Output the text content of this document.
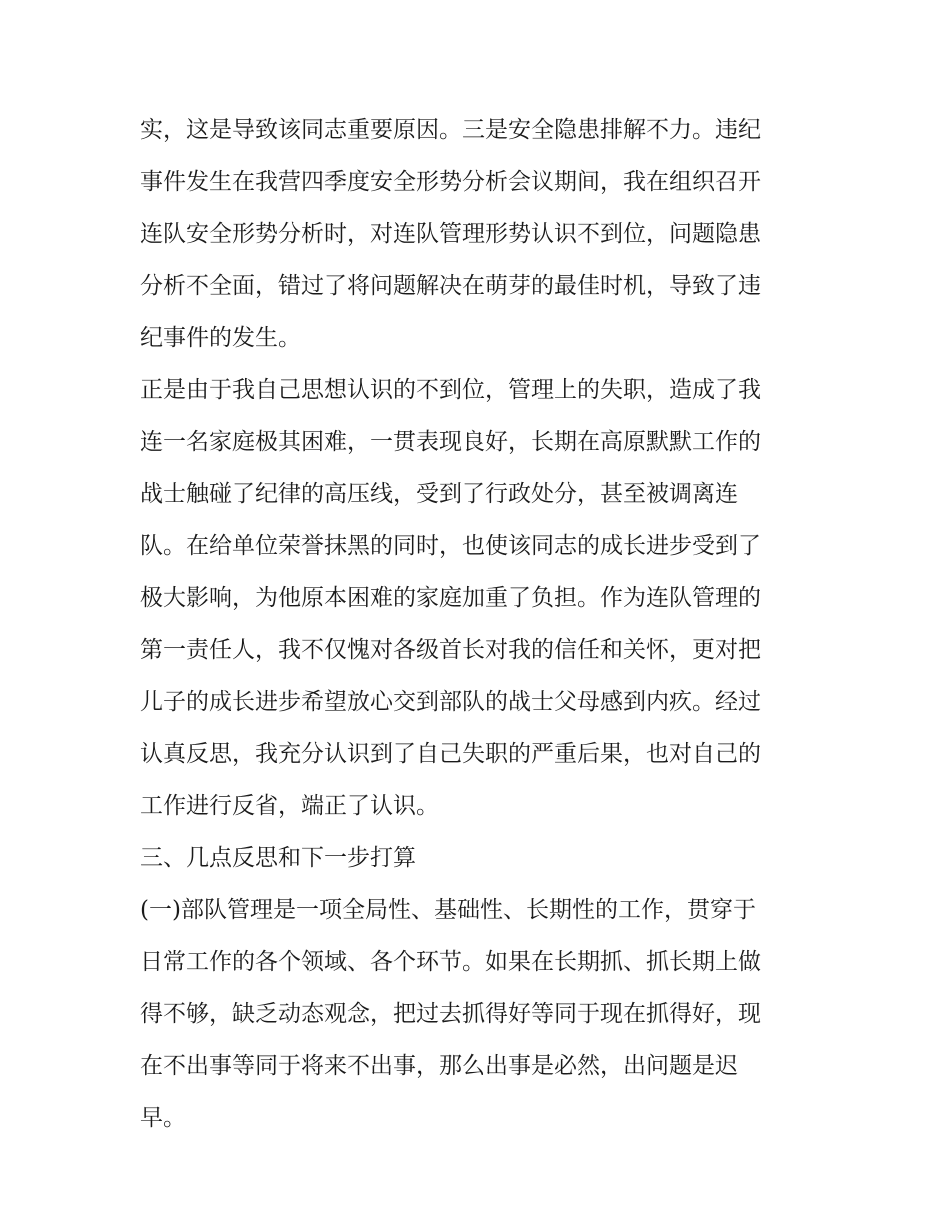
实，这是导致该同志重要原因。三是安全隐患排解不力。违纪
事件发生在我营四季度安全形势分析会议期间，我在组织召开
连队安全形势分析时，对连队管理形势认识不到位，问题隐患
分析不全面，错过了将问题解决在萌芽的最佳时机，导致了违
纪事件的发生。
正是由于我自己思想认识的不到位，管理上的失职，造成了我
连一名家庭极其困难，一贯表现良好，长期在高原默默工作的
战士触碰了纪律的高压线，受到了行政处分，甚至被调离连
队。在给单位荣誉抹黑的同时，也使该同志的成长进步受到了
极大影响，为他原本困难的家庭加重了负担。作为连队管理的
第一责任人，我不仅愧对各级首长对我的信任和关怀，更对把
儿子的成长进步希望放心交到部队的战士父母感到内疚。经过
认真反思，我充分认识到了自己失职的严重后果，也对自己的
工作进行反省，端正了认识。
三、几点反思和下一步打算
(一)部队管理是一项全局性、基础性、长期性的工作，贯穿于
日常工作的各个领域、各个环节。如果在长期抓、抓长期上做
得不够，缺乏动态观念，把过去抓得好等同于现在抓得好，现
在不出事等同于将来不出事，那么出事是必然，出问题是迟
早。
